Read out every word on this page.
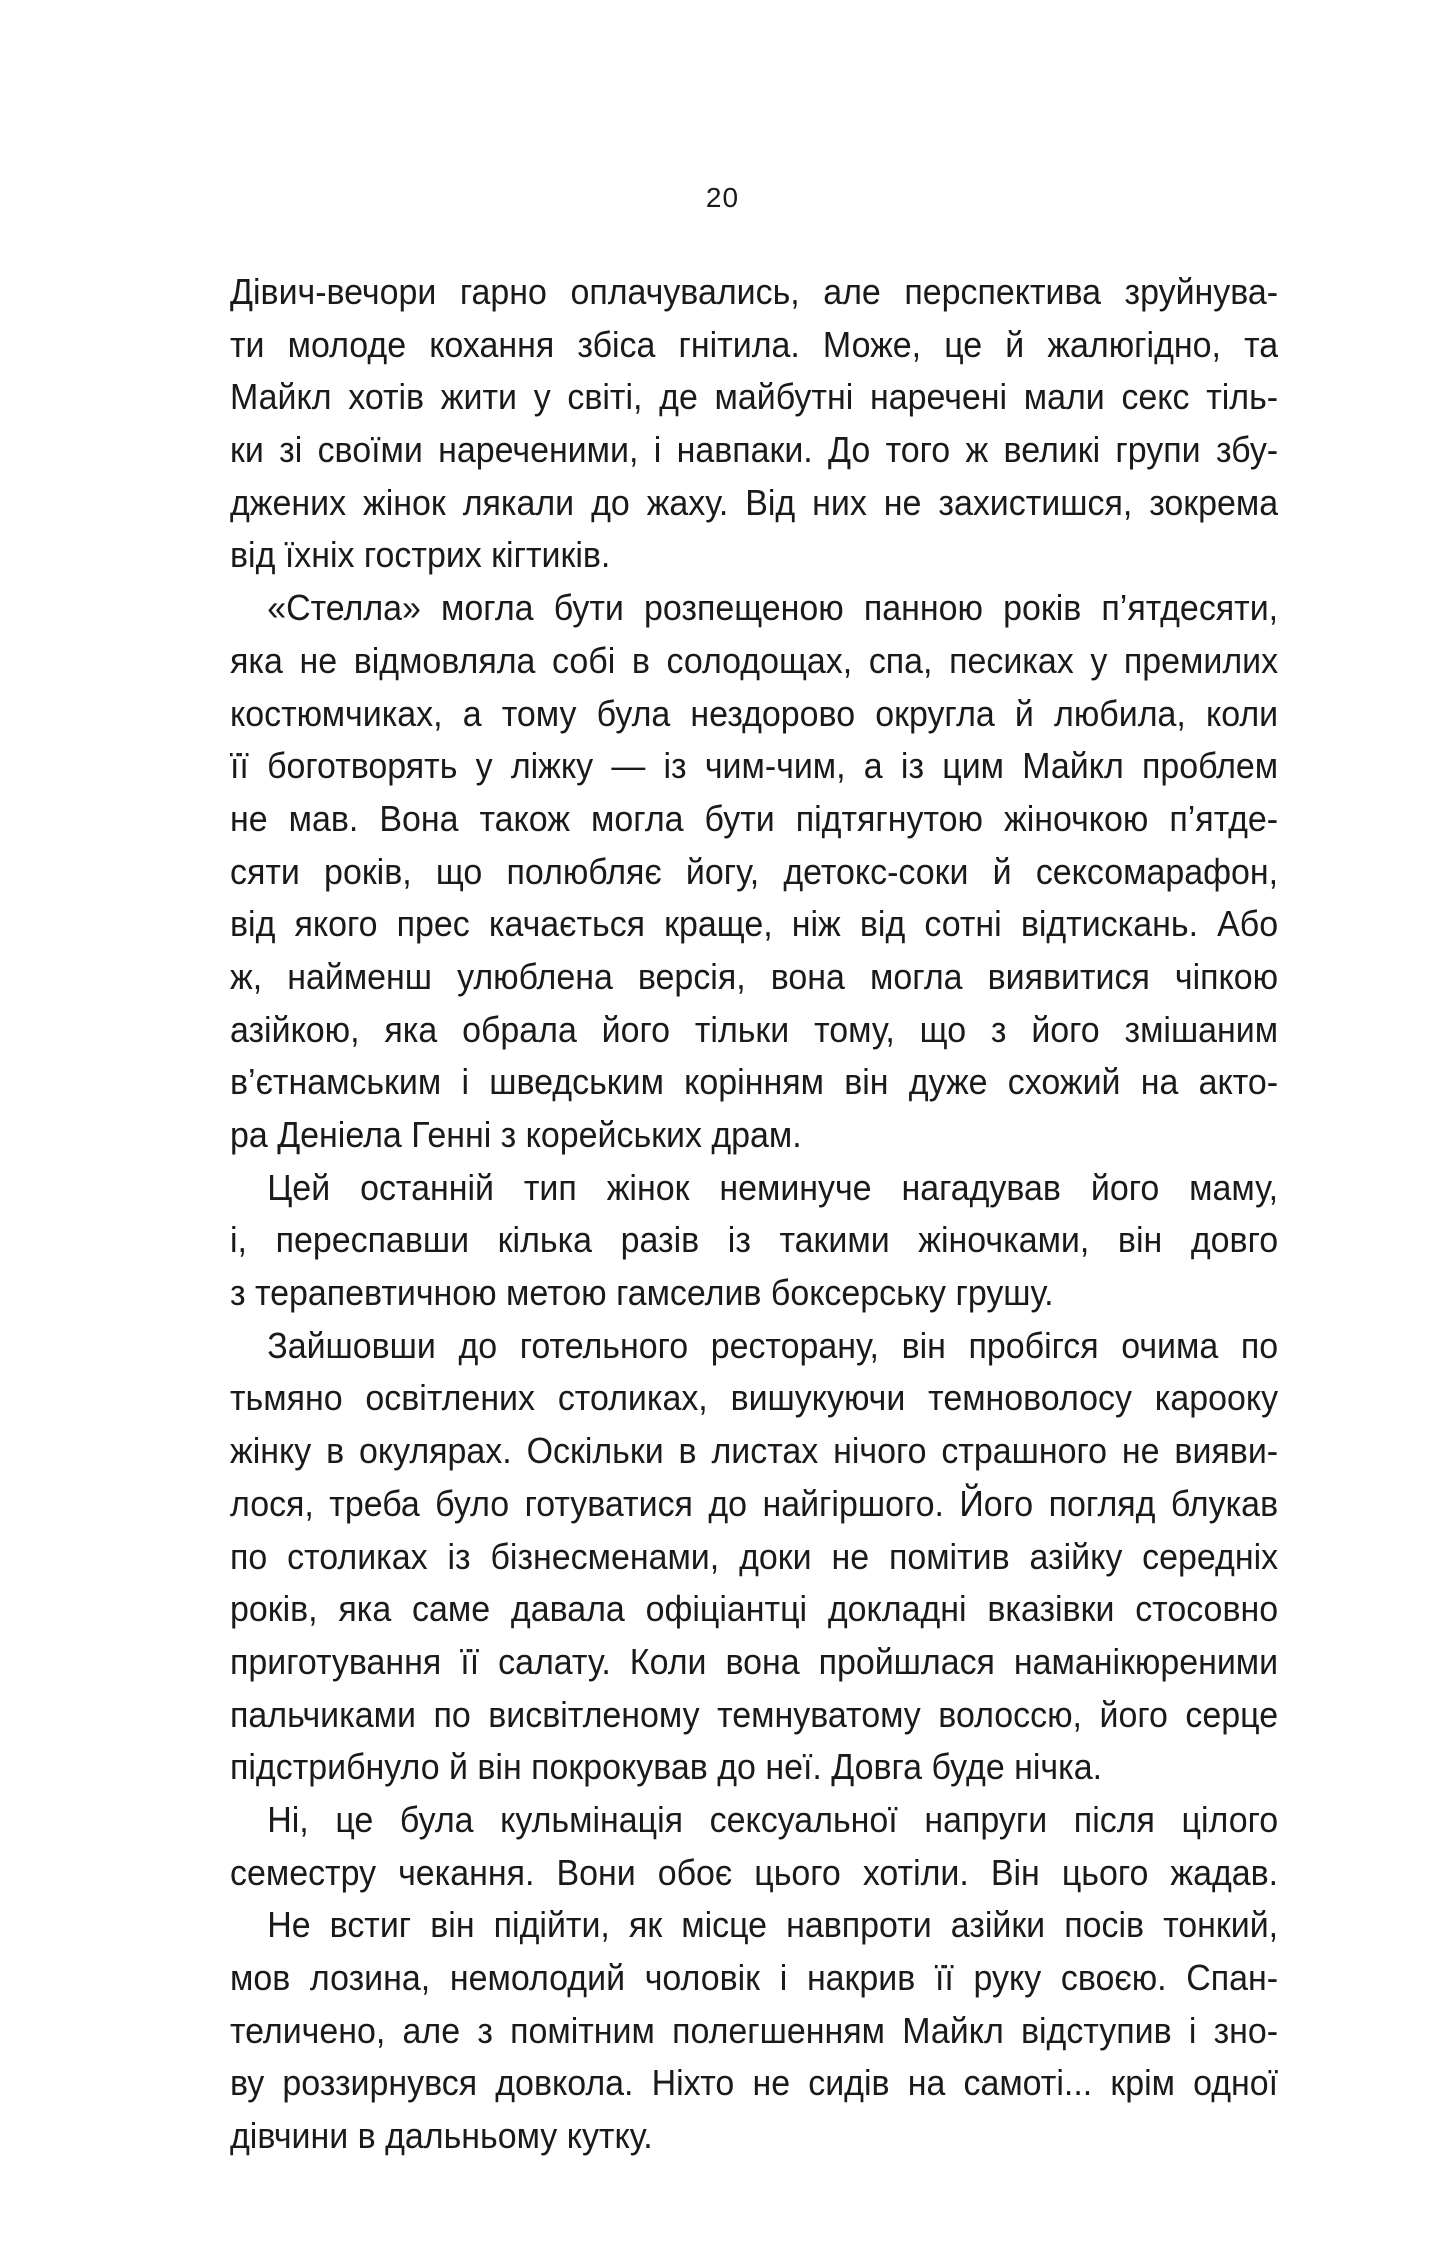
20
Дівич-вечори гарно оплачувались, але перспектива зруйнува-
ти молоде кохання збіса гнітила. Може, це й жалюгідно, та
Майкл хотів жити у світі, де майбутні наречені мали секс тіль-
ки зі своїми нареченими, і навпаки. До того ж великі групи збу-
джених жінок лякали до жаху. Від них не захистишся, зокрема
від їхніх гострих кігтиків.
«Стелла» могла бути розпещеною панною років п’ятдесяти,
яка не відмовляла собі в солодощах, спа, песиках у премилих
костюмчиках, а тому була нездорово округла й любила, коли
її боготворять у ліжку — із чим-чим, а із цим Майкл проблем
не мав. Вона також могла бути підтягнутою жіночкою п’ятде-
сяти років, що полюбляє йогу, детокс-соки й сексомарафон,
від якого прес качається краще, ніж від сотні відтискань. Або
ж, найменш улюблена версія, вона могла виявитися чіпкою
азійкою, яка обрала його тільки тому, що з його змішаним
в’єтнамським і шведським корінням він дуже схожий на акто-
ра Деніела Генні з корейських драм.
Цей останній тип жінок неминуче нагадував його маму,
і, переспавши кілька разів із такими жіночками, він довго
з терапевтичною метою гамселив боксерську грушу.
Зайшовши до готельного ресторану, він пробігся очима по
тьмяно освітлених столиках, вишукуючи темноволосу карооку
жінку в окулярах. Оскільки в листах нічого страшного не вияви-
лося, треба було готуватися до найгіршого. Його погляд блукав
по столиках із бізнесменами, доки не помітив азійку середніх
років, яка саме давала офіціантці докладні вказівки стосовно
приготування її салату. Коли вона пройшлася наманікюреними
пальчиками по висвітленому темнуватому волоссю, його серце
підстрибнуло й він покрокував до неї. Довга буде нічка.
Ні, це була кульмінація сексуальної напруги після цілого
семестру чекання. Вони обоє цього хотіли. Він цього жадав.
Не встиг він підійти, як місце навпроти азійки посів тонкий,
мов лозина, немолодий чоловік і накрив її руку своєю. Спан-
теличено, але з помітним полегшенням Майкл відступив і зно-
ву роззирнувся довкола. Ніхто не сидів на самоті... крім одної
дівчини в дальньому кутку.
